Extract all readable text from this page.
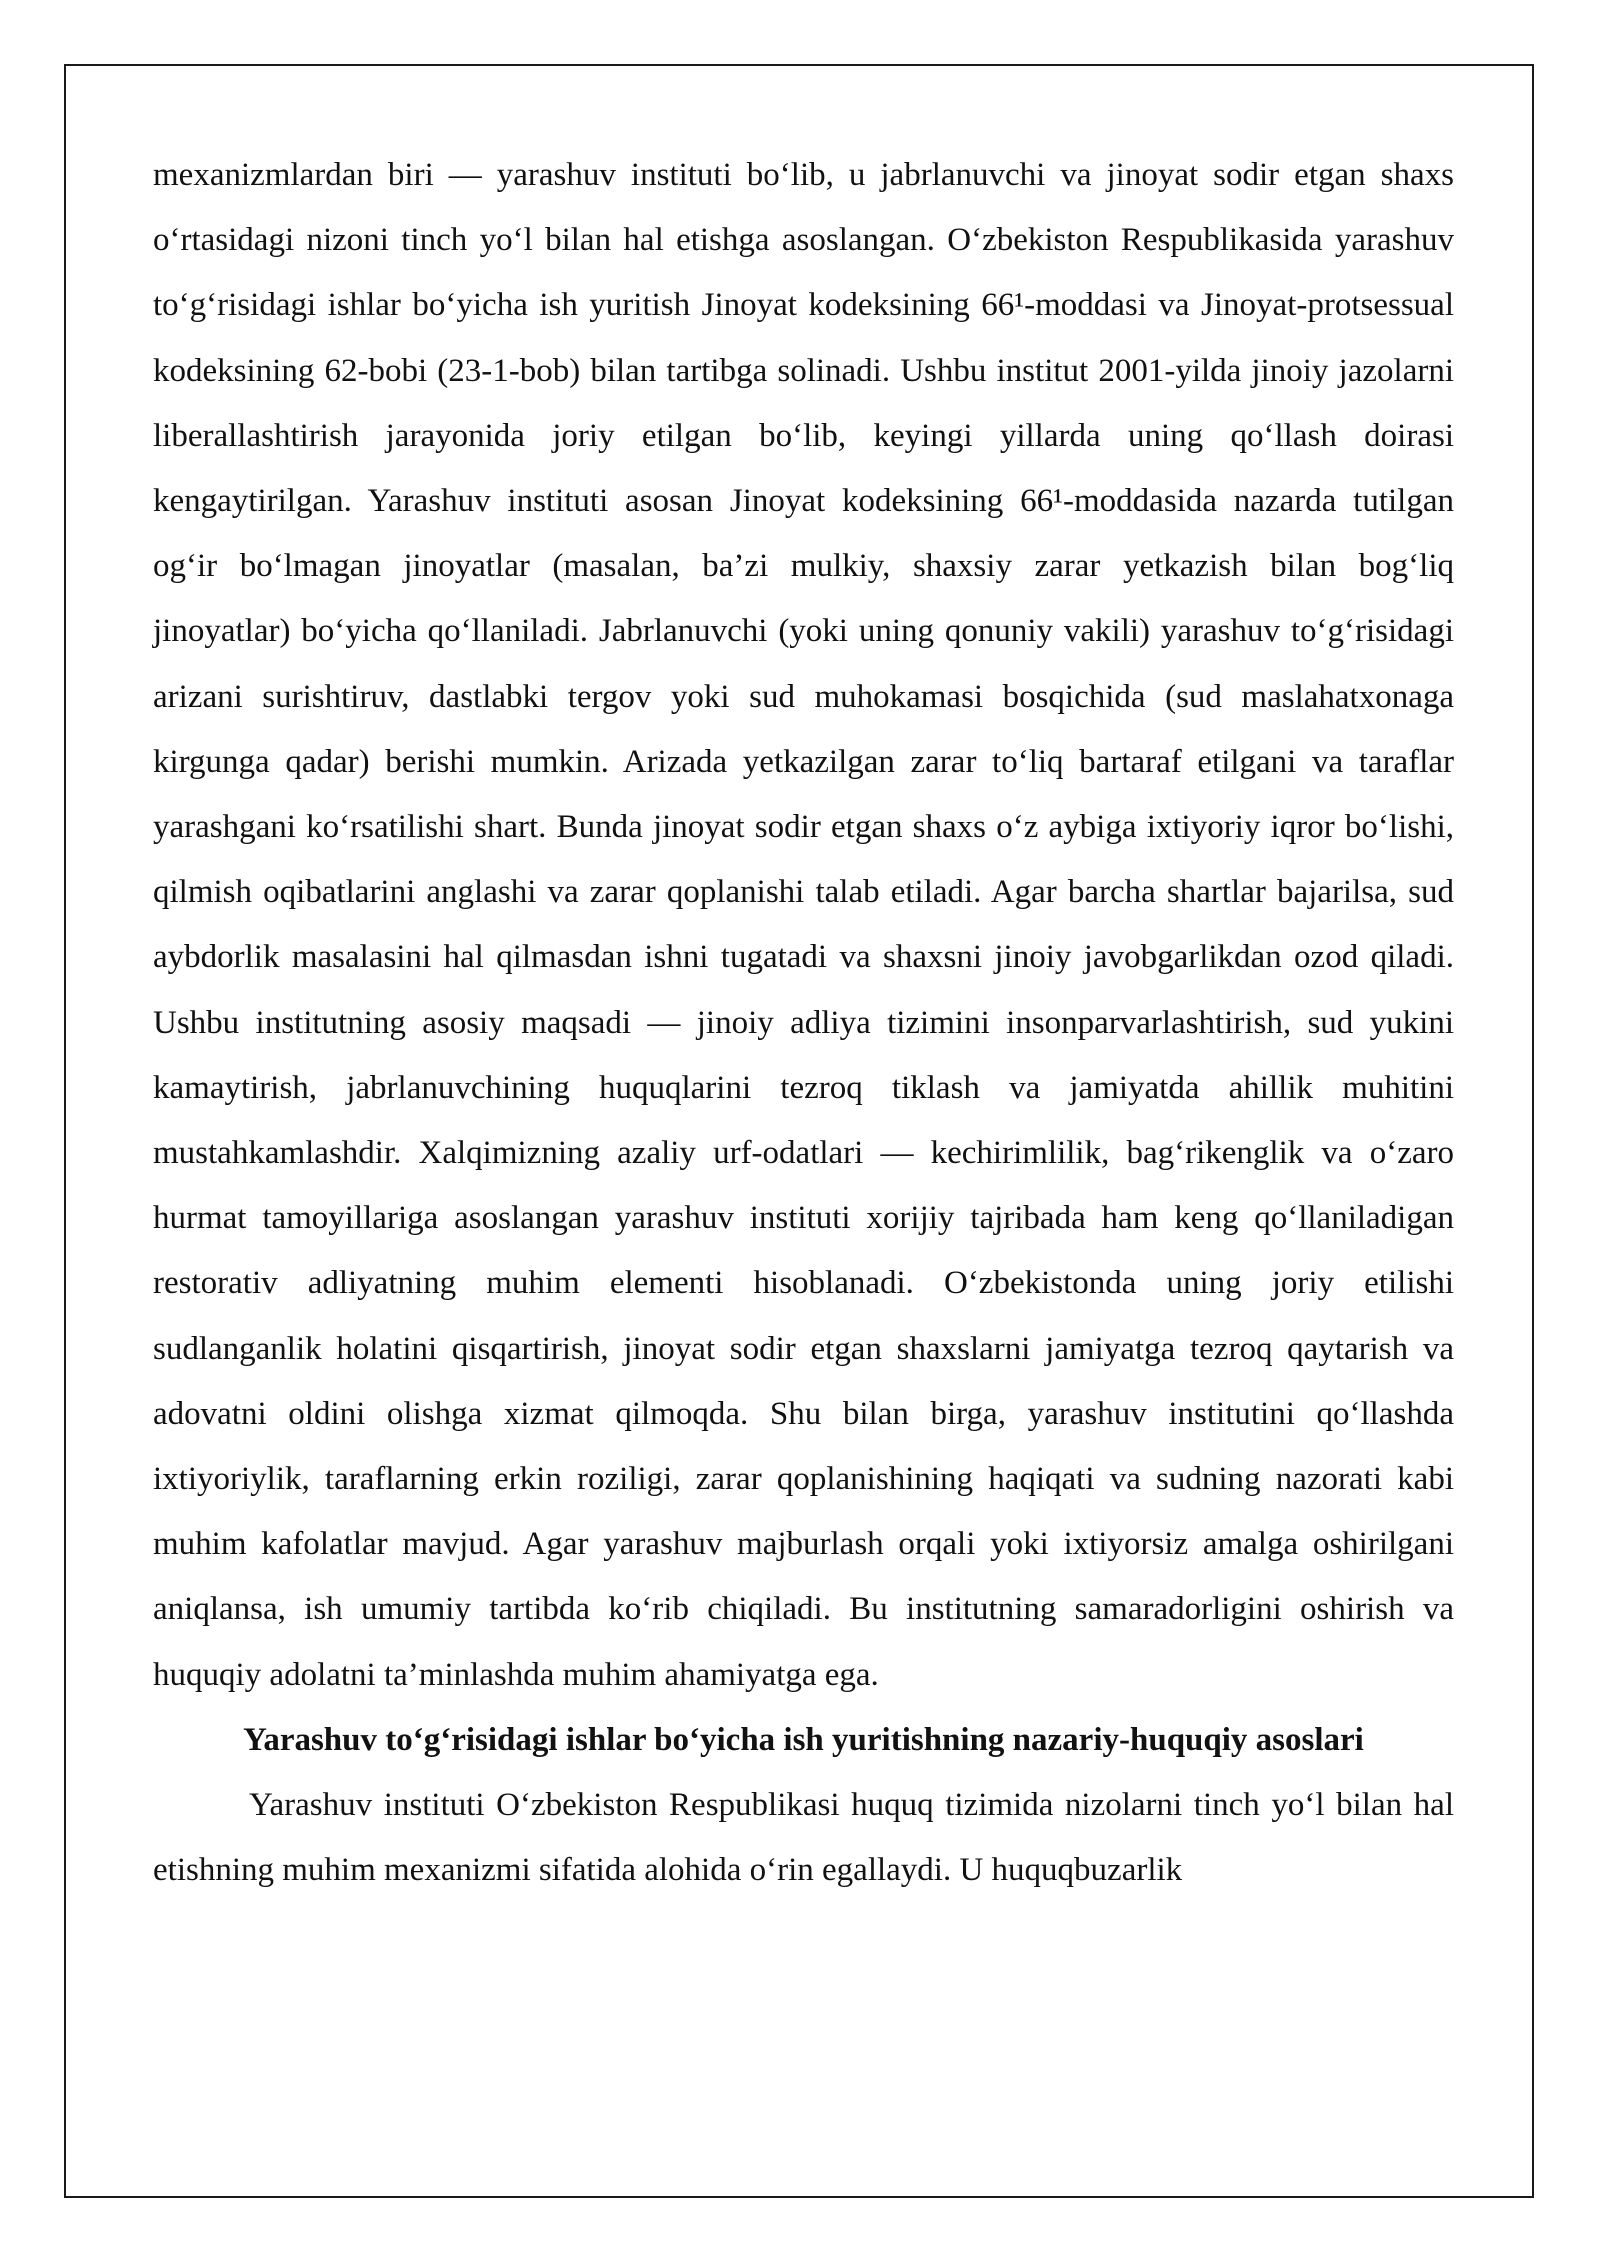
mexanizmlardan biri — yarashuv instituti bo‘lib, u jabrlanuvchi va jinoyat sodir etgan shaxs o‘rtasidagi nizoni tinch yo‘l bilan hal etishga asoslangan. O‘zbekiston Respublikasida yarashuv to‘g‘risidagi ishlar bo‘yicha ish yuritish Jinoyat kodeksining 66¹-moddasi va Jinoyat-protsessual kodeksining 62-bobi (23-1-bob) bilan tartibga solinadi. Ushbu institut 2001-yilda jinoiy jazolarni liberallashtirish jarayonida joriy etilgan bo‘lib, keyingi yillarda uning qo‘llash doirasi kengaytirilgan. Yarashuv instituti asosan Jinoyat kodeksining 66¹-moddasida nazarda tutilgan og‘ir bo‘lmagan jinoyatlar (masalan, ba’zi mulkiy, shaxsiy zarar yetkazish bilan bog‘liq jinoyatlar) bo‘yicha qo‘llaniladi. Jabrlanuvchi (yoki uning qonuniy vakili) yarashuv to‘g‘risidagi arizani surishtiruv, dastlabki tergov yoki sud muhokamasi bosqichida (sud maslahatxonaga kirgunga qadar) berishi mumkin. Arizada yetkazilgan zarar to‘liq bartaraf etilgani va taraflar yarashgani ko‘rsatilishi shart. Bunda jinoyat sodir etgan shaxs o‘z aybiga ixtiyoriy iqror bo‘lishi, qilmish oqibatlarini anglashi va zarar qoplanishi talab etiladi. Agar barcha shartlar bajarilsa, sud aybdorlik masalasini hal qilmasdan ishni tugatadi va shaxsni jinoiy javobgarlikdan ozod qiladi. Ushbu institutning asosiy maqsadi — jinoiy adliya tizimini insonparvarlashtirish, sud yukini kamaytirish, jabrlanuvchining huquqlarini tezroq tiklash va jamiyatda ahillik muhitini mustahkamlashdir. Xalqimizning azaliy urf-odatlari — kechirimlilik, bag‘rikenglik va o‘zaro hurmat tamoyillariga asoslangan yarashuv instituti xorijiy tajribada ham keng qo‘llaniladigan restorativ adliyatning muhim elementi hisoblanadi. O‘zbekistonda uning joriy etilishi sudlanganlik holatini qisqartirish, jinoyat sodir etgan shaxslarni jamiyatga tezroq qaytarish va adovatni oldini olishga xizmat qilmoqda. Shu bilan birga, yarashuv institutini qo‘llashda ixtiyoriylik, taraflarning erkin roziligi, zarar qoplanishining haqiqati va sudning nazorati kabi muhim kafolatlar mavjud. Agar yarashuv majburlash orqali yoki ixtiyorsiz amalga oshirilgani aniqlansa, ish umumiy tartibda ko‘rib chiqiladi. Bu institutning samaradorligini oshirish va huquqiy adolatni ta’minlashda muhim ahamiyatga ega.

Yarashuv to‘g‘risidagi ishlar bo‘yicha ish yuritishning nazariy-huquqiy asoslari

Yarashuv instituti O‘zbekiston Respublikasi huquq tizimida nizolarni tinch yo‘l bilan hal etishning muhim mexanizmi sifatida alohida o‘rin egallaydi. U huquqbuzarlik
